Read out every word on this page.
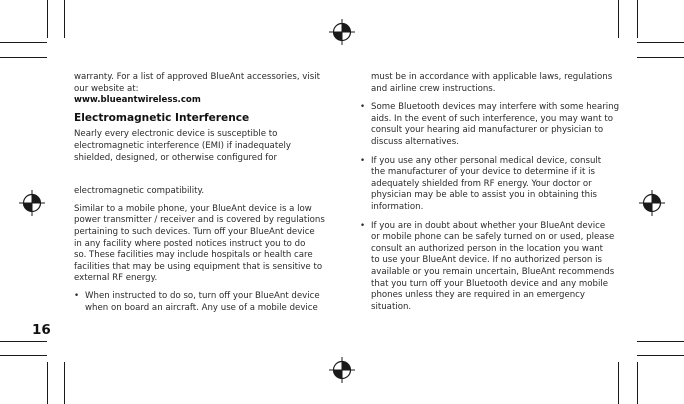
warranty. For a list of approved BlueAnt accessories, visit
our website at:
www.blueantwireless.com

Electromagnetic Interference

Nearly every electronic device is susceptible to
electromagnetic interference (EMI) if inadequately
shielded, designed, or otherwise configured for

electromagnetic compatibility.

Similar to a mobile phone, your BlueAnt device is a low
power transmitter / receiver and is covered by regulations
pertaining to such devices. Turn off your BlueAnt device
in any facility where posted notices instruct you to do
so. These facilities may include hospitals or health care
facilities that may be using equipment that is sensitive to
external RF energy.

• When instructed to do so, turn off your BlueAnt device
when on board an aircraft. Any use of a mobile device

must be in accordance with applicable laws, regulations
and airline crew instructions.

• Some Bluetooth devices may interfere with some hearing
aids. In the event of such interference, you may want to
consult your hearing aid manufacturer or physician to
discuss alternatives.
• If you use any other personal medical device, consult
the manufacturer of your device to determine if it is
adequately shielded from RF energy. Your doctor or
physician may be able to assist you in obtaining this
information.
• If you are in doubt about whether your BlueAnt device
or mobile phone can be safely turned on or used, please
consult an authorized person in the location you want
to use your BlueAnt device. If no authorized person is
available or you remain uncertain, BlueAnt recommends
that you turn off your Bluetooth device and any mobile
phones unless they are required in an emergency
situation.
16
